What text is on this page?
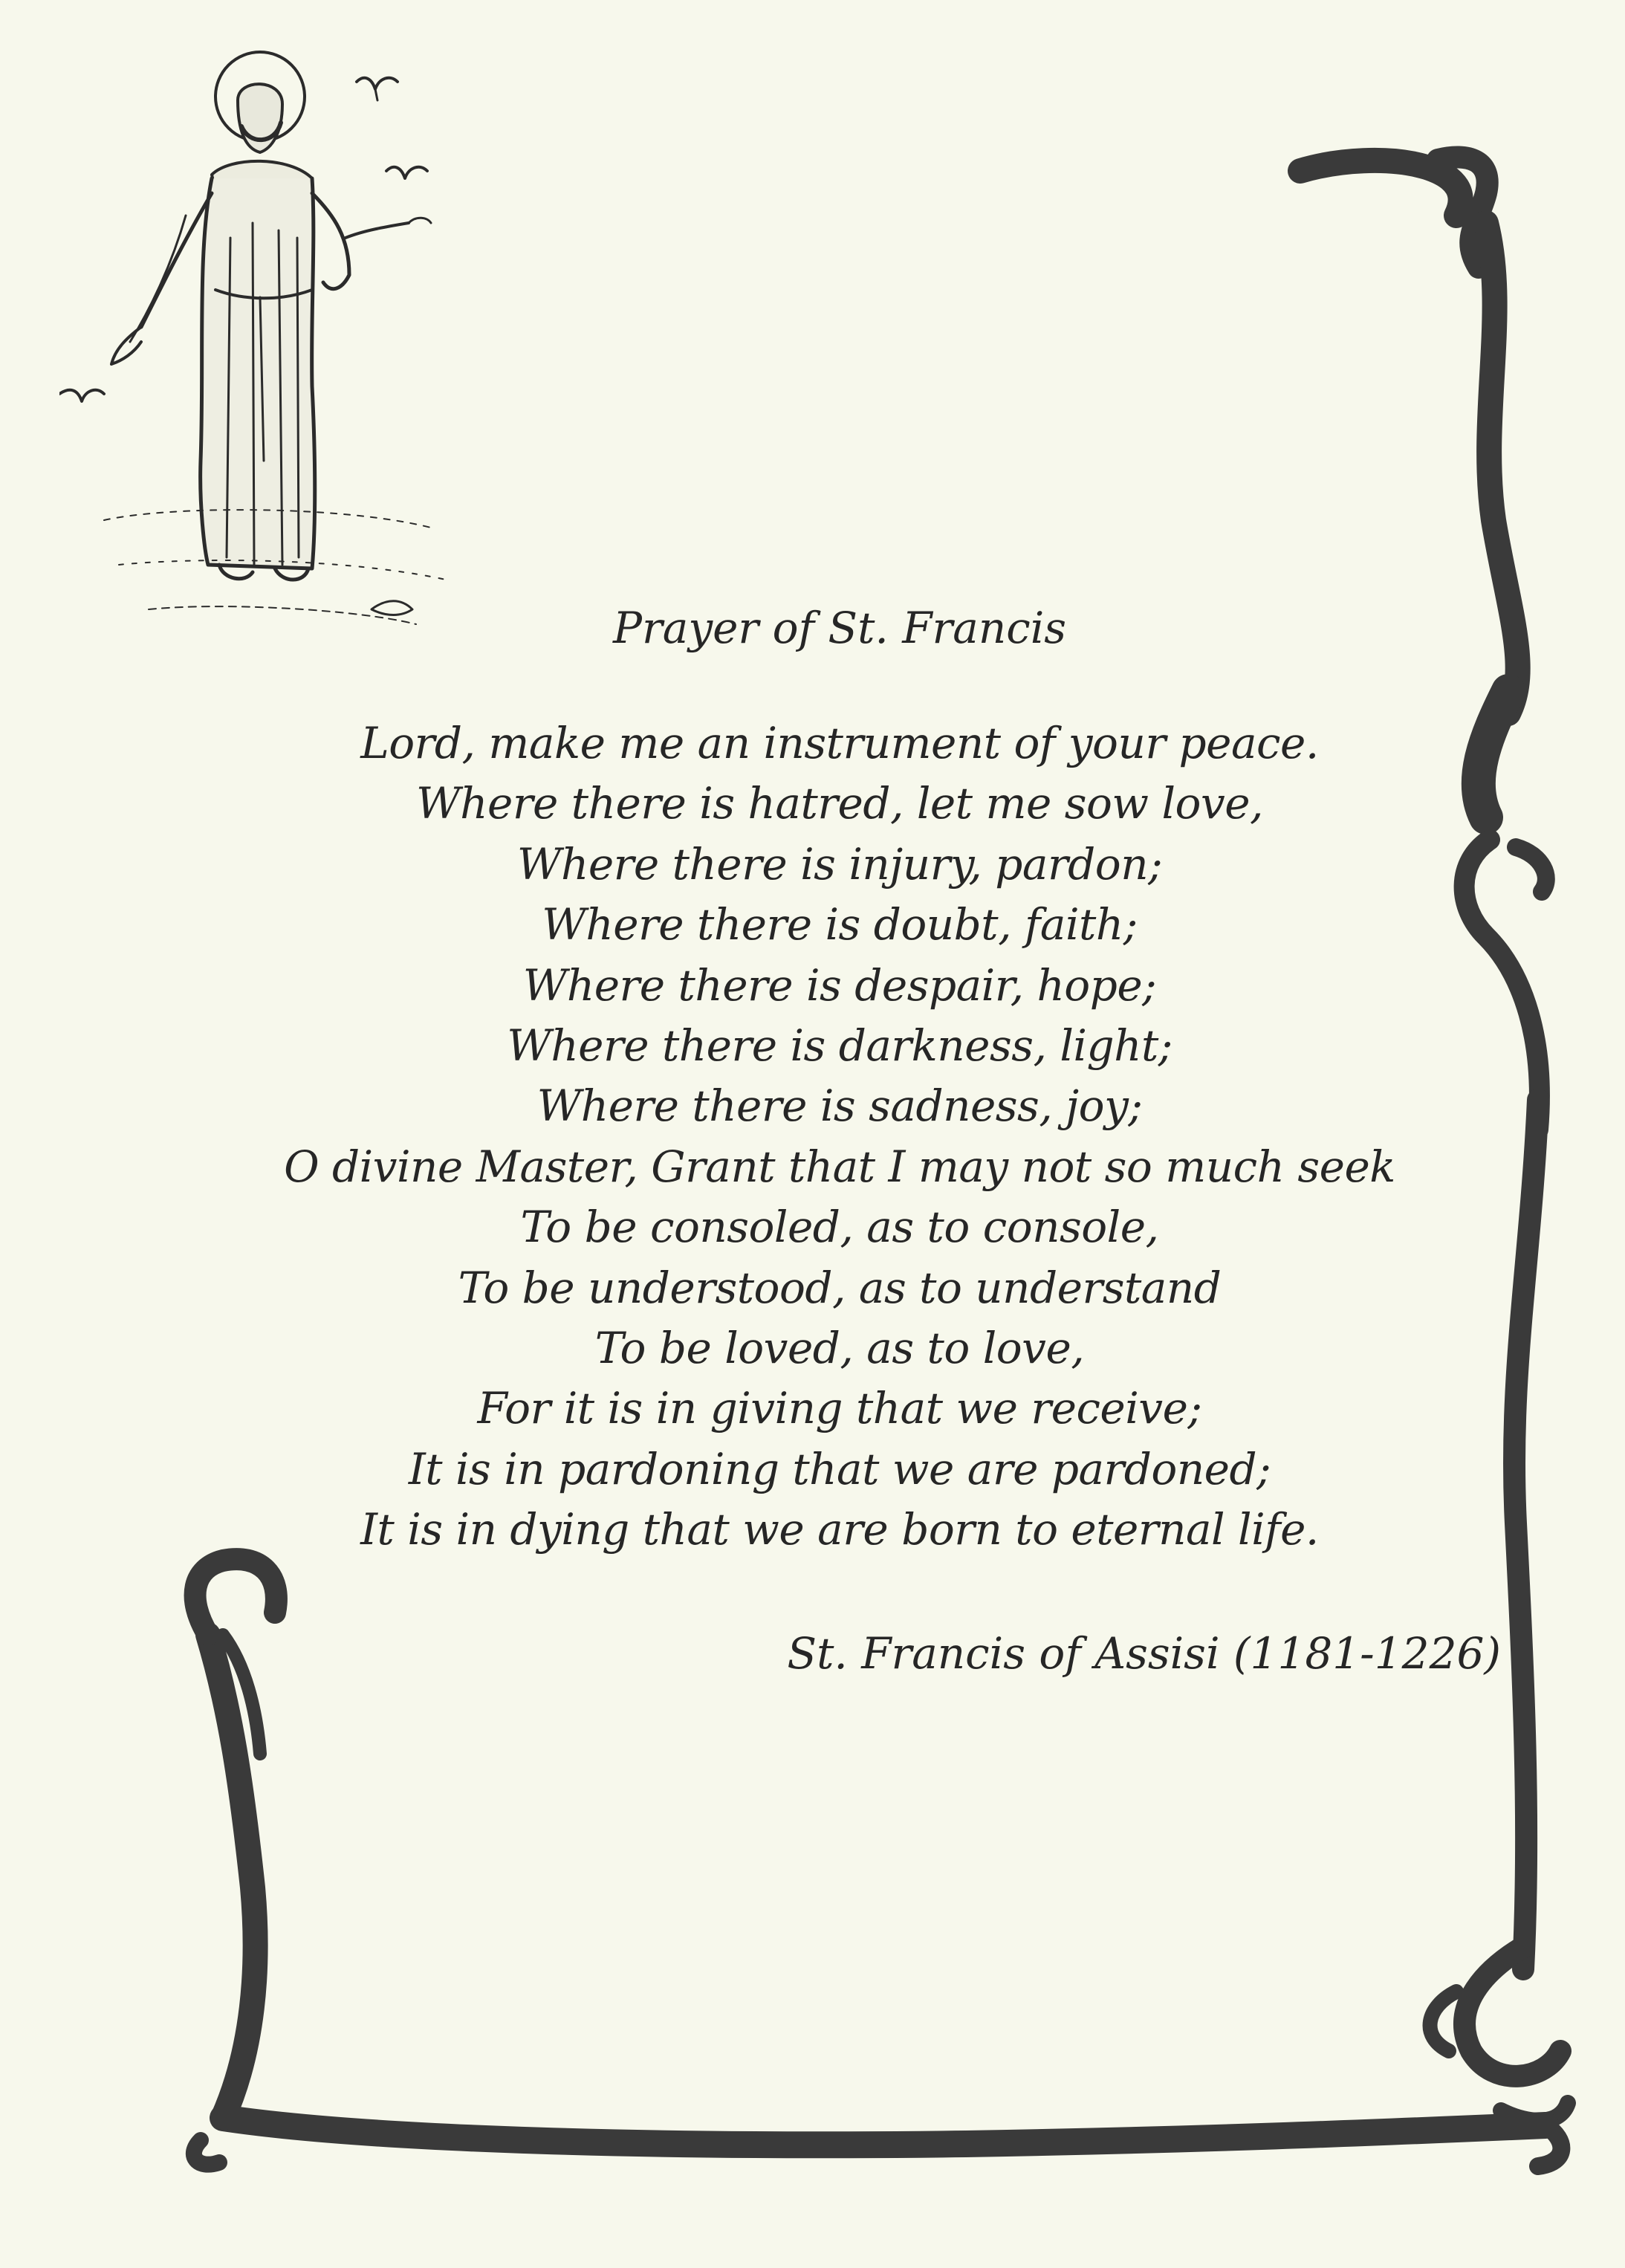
Prayer of St. Francis
Lord, make me an instrument of your peace.
Where there is hatred, let me sow love,
Where there is injury, pardon;
Where there is doubt, faith;
Where there is despair, hope;
Where there is darkness, light;
Where there is sadness, joy;
O divine Master, Grant that I may not so much seek
To be consoled, as to console,
To be understood, as to understand
To be loved, as to love,
For it is in giving that we receive;
It is in pardoning that we are pardoned;
It is in dying that we are born to eternal life.
St. Francis of Assisi (1181-1226)
